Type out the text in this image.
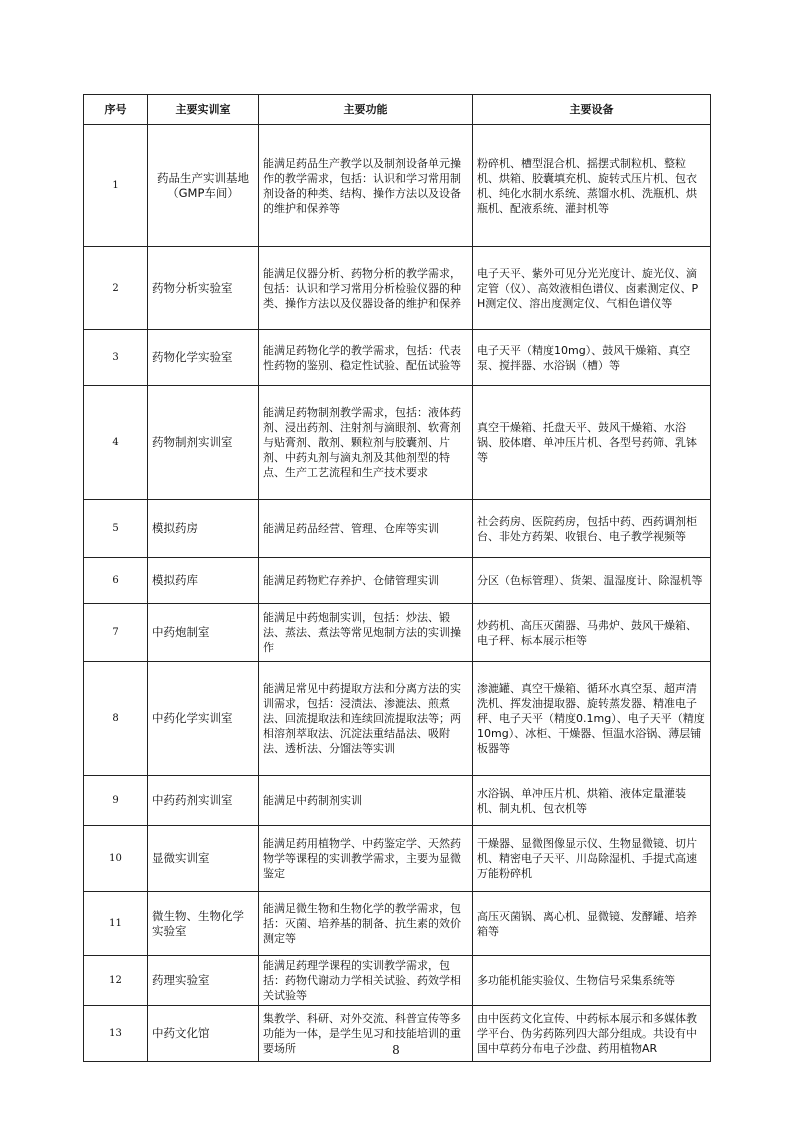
序号	主要实训室	主要功能	主要设备
1	药品生产实训基地（GMP车间）	能满足药品生产教学以及制剂设备单元操作的教学需求，包括：认识和学习常用制剂设备的种类、结构、操作方法以及设备的维护和保养等	粉碎机、槽型混合机、摇摆式制粒机、整粒机、烘箱、胶囊填充机、旋转式压片机、包衣机、纯化水制水系统、蒸馏水机、洗瓶机、烘瓶机、配液系统、灌封机等
2	药物分析实验室	能满足仪器分析、药物分析的教学需求，包括：认识和学习常用分析检验仪器的种类、操作方法以及仪器设备的维护和保养	电子天平、紫外可见分光光度计、旋光仪、滴定管（仪）、高效液相色谱仪、卤素测定仪、PH测定仪、溶出度测定仪、气相色谱仪等
3	药物化学实验室	能满足药物化学的教学需求，包括：代表性药物的鉴别、稳定性试验、配伍试验等	电子天平（精度10mg）、鼓风干燥箱、真空泵、搅拌器、水浴锅（槽）等
4	药物制剂实训室	能满足药物制剂教学需求，包括：液体药剂、浸出药剂、注射剂与滴眼剂、软膏剂与贴膏剂、散剂、颗粒剂与胶囊剂、片剂、中药丸剂与滴丸剂及其他剂型的特点、生产工艺流程和生产技术要求	真空干燥箱、托盘天平、鼓风干燥箱、水浴锅、胶体磨、单冲压片机、各型号药筛、乳钵等
5	模拟药房	能满足药品经营、管理、仓库等实训	社会药房、医院药房，包括中药、西药调剂柜台、非处方药架、收银台、电子教学视频等
6	模拟药库	能满足药物贮存养护、仓储管理实训	分区（色标管理）、货架、温湿度计、除湿机等
7	中药炮制室	能满足中药炮制实训，包括：炒法、锻法、蒸法、煮法等常见炮制方法的实训操作	炒药机、高压灭菌器、马弗炉、鼓风干燥箱、电子秤、标本展示柜等
8	中药化学实训室	能满足常见中药提取方法和分离方法的实训需求，包括：浸渍法、渗漉法、煎煮法、回流提取法和连续回流提取法等；两相溶剂萃取法、沉淀法重结晶法、吸附法、透析法、分馏法等实训	渗漉罐、真空干燥箱、循环水真空泵、超声清洗机、挥发油提取器、旋转蒸发器、精准电子秤、电子天平（精度0.1mg）、电子天平（精度10mg）、冰柜、干燥器、恒温水浴锅、薄层铺板器等
9	中药药剂实训室	能满足中药制剂实训	水浴锅、单冲压片机、烘箱、液体定量灌装机、制丸机、包衣机等
10	显微实训室	能满足药用植物学、中药鉴定学、天然药物学等课程的实训教学需求，主要为显微鉴定	干燥器、显微图像显示仪、生物显微镜、切片机、精密电子天平、川岛除湿机、手提式高速万能粉碎机
11	微生物、生物化学实验室	能满足微生物和生物化学的教学需求，包括：灭菌、培养基的制备、抗生素的效价测定等	高压灭菌锅、离心机、显微镜、发酵罐、培养箱等
12	药理实验室	能满足药理学课程的实训教学需求，包括：药物代谢动力学相关试验、药效学相关试验等	多功能机能实验仪、生物信号采集系统等
13	中药文化馆	集教学、科研、对外交流、科普宣传等多功能为一体，是学生见习和技能培训的重要场所	由中医药文化宣传、中药标本展示和多媒体教学平台、伪劣药陈列四大部分组成。共设有中国中草药分布电子沙盘、药用植物AR
8
